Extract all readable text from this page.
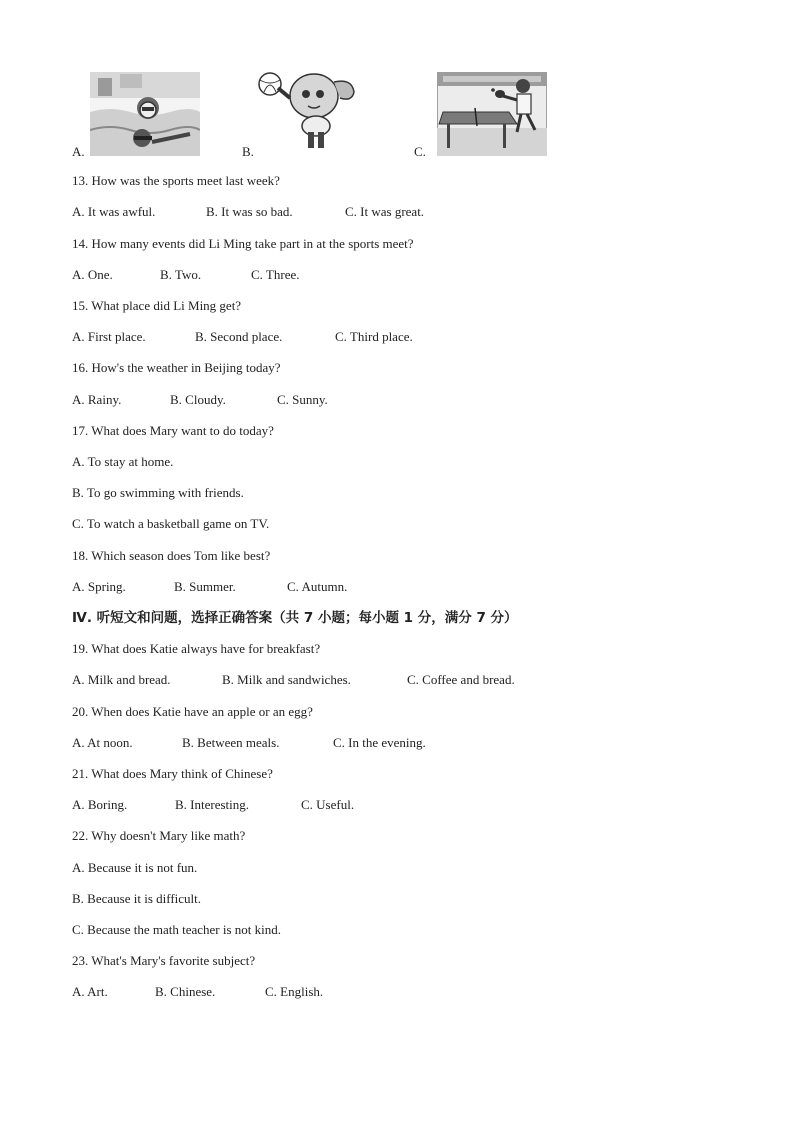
A.	B.	C.
13. How was the sports meet last week?
A. It was awful.	B. It was so bad.	C. It was great.
14. How many events did Li Ming take part in at the sports meet?
A. One.	B. Two.	C. Three.
15. What place did Li Ming get?
A. First place.	B. Second place.	C. Third place.
16. How's the weather in Beijing today?
A. Rainy.	B. Cloudy.	C. Sunny.
17. What does Mary want to do today?
A. To stay at home.
B. To go swimming with friends.
C. To watch a basketball game on TV.
18. Which season does Tom like best?
A. Spring.	B. Summer.	C. Autumn.
Ⅳ. 听短文和问题，选择正确答案（共 7 小题；每小题 1 分，满分 7 分）
19. What does Katie always have for breakfast?
A. Milk and bread.	B. Milk and sandwiches.	C. Coffee and bread.
20. When does Katie have an apple or an egg?
A. At noon.	B. Between meals.	C. In the evening.
21. What does Mary think of Chinese?
A. Boring.	B. Interesting.	C. Useful.
22. Why doesn't Mary like math?
A. Because it is not fun.
B. Because it is difficult.
C. Because the math teacher is not kind.
23. What's Mary's favorite subject?
A. Art.	B. Chinese.	C. English.
